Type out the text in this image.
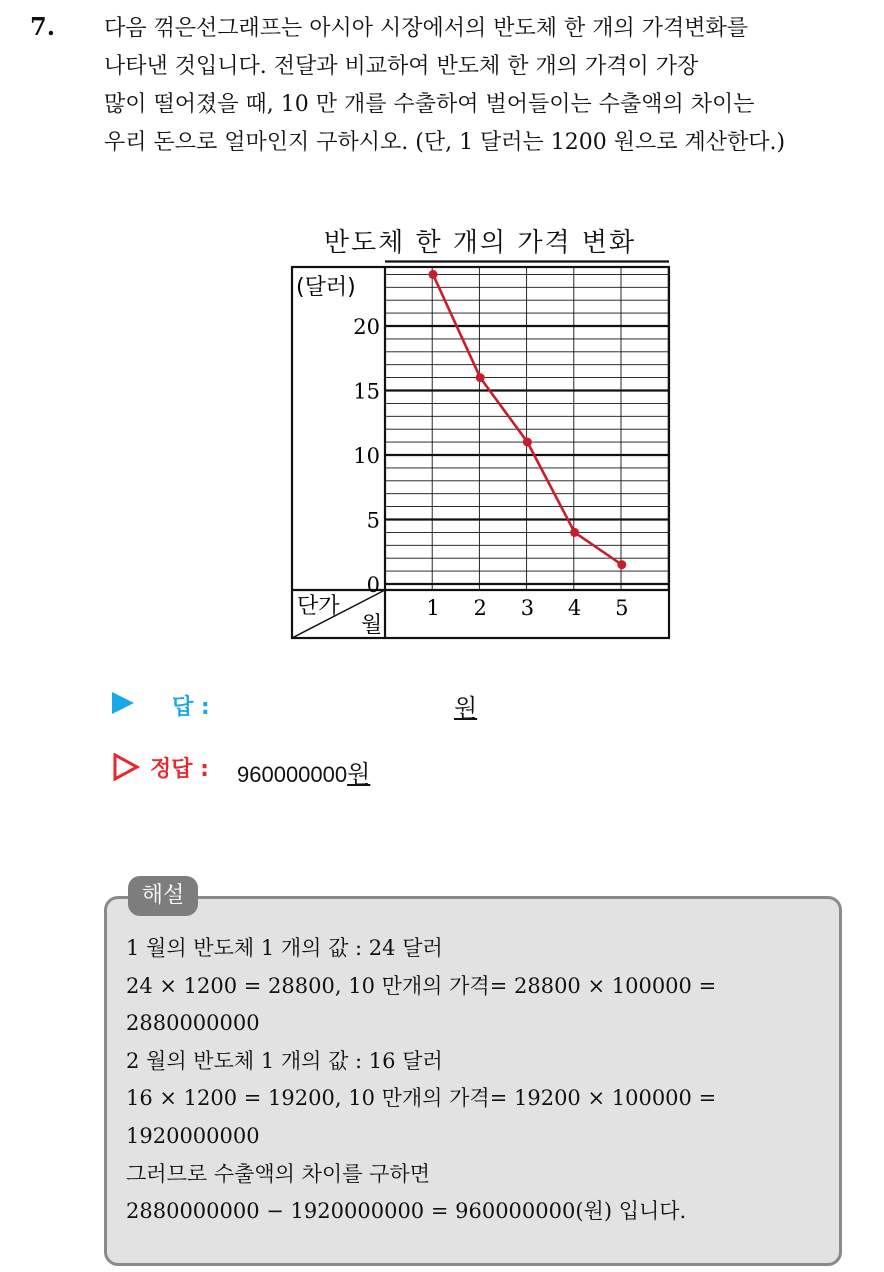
7. 다음 꺾은선그래프는 아시아 시장에서의 반도체 한 개의 가격변화를
나타낸 것입니다. 전달과 비교하여 반도체 한 개의 가격이 가장
많이 떨어졌을 때, 10 만 개를 수출하여 벌어들이는 수출액의 차이는
우리 돈으로 얼마인지 구하시오. (단, 1 달러는 1200 원으로 계산한다.)
반도체 한 개의 가격 변화
(달러)
0
5
10
15
20
단가
월
1 2 3 4 5
답 :	원
정답 : 960000000원
해설
1 월의 반도체 1 개의 값 : 24 달러
24 × 1200 = 28800, 10 만개의 가격= 28800 × 100000 =
2880000000
2 월의 반도체 1 개의 값 : 16 달러
16 × 1200 = 19200, 10 만개의 가격= 19200 × 100000 =
1920000000
그러므로 수출액의 차이를 구하면
2880000000 − 1920000000 = 960000000(원) 입니다.
